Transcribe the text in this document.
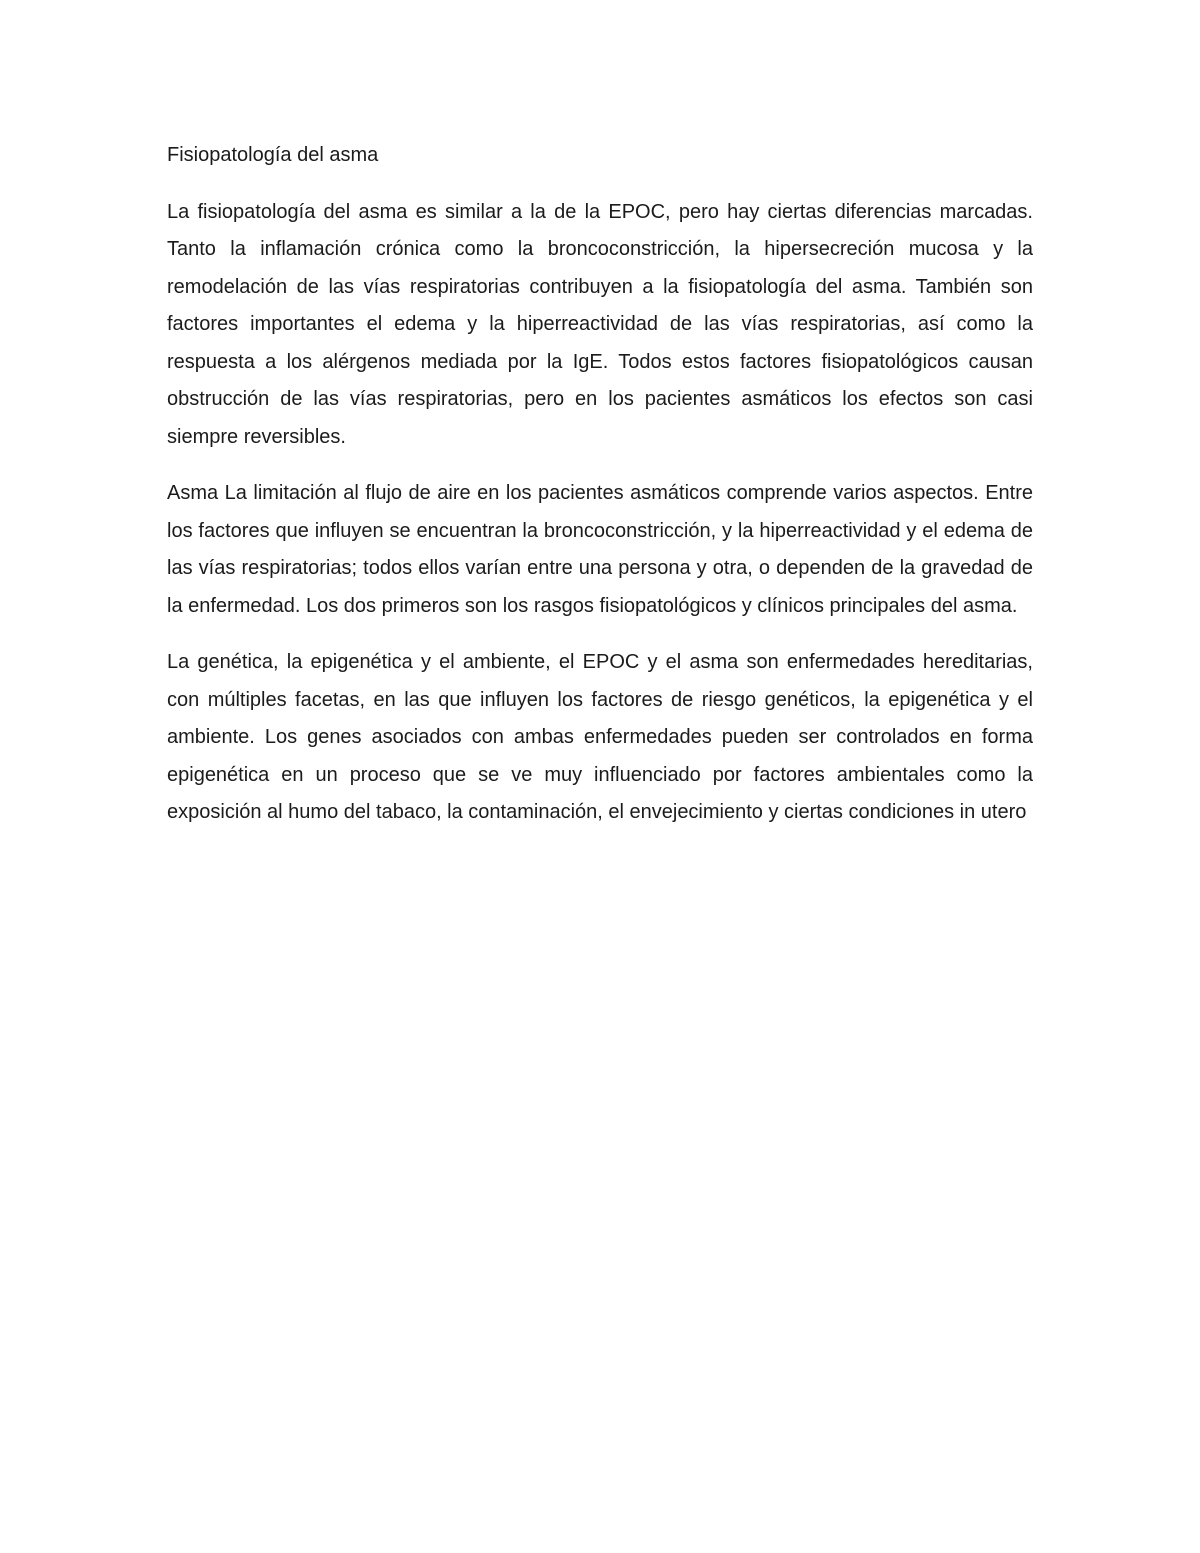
Fisiopatología del asma

La fisiopatología del asma es similar a la de la EPOC, pero hay ciertas diferencias marcadas. Tanto la inflamación crónica como la broncoconstricción, la hipersecreción mucosa y la remodelación de las vías respiratorias contribuyen a la fisiopatología del asma. También son factores importantes el edema y la hiperreactividad de las vías respiratorias, así como la respuesta a los alérgenos mediada por la IgE. Todos estos factores fisiopatológicos causan obstrucción de las vías respiratorias, pero en los pacientes asmáticos los efectos son casi siempre reversibles.

Asma La limitación al flujo de aire en los pacientes asmáticos comprende varios aspectos. Entre los factores que influyen se encuentran la broncoconstricción, y la hiperreactividad y el edema de las vías respiratorias; todos ellos varían entre una persona y otra, o dependen de la gravedad de la enfermedad. Los dos primeros son los rasgos fisiopatológicos y clínicos principales del asma.

La genética, la epigenética y el ambiente, el EPOC y el asma son enfermedades hereditarias, con múltiples facetas, en las que influyen los factores de riesgo genéticos, la epigenética y el ambiente. Los genes asociados con ambas enfermedades pueden ser controlados en forma epigenética en un proceso que se ve muy influenciado por factores ambientales como la exposición al humo del tabaco, la contaminación, el envejecimiento y ciertas condiciones in utero
